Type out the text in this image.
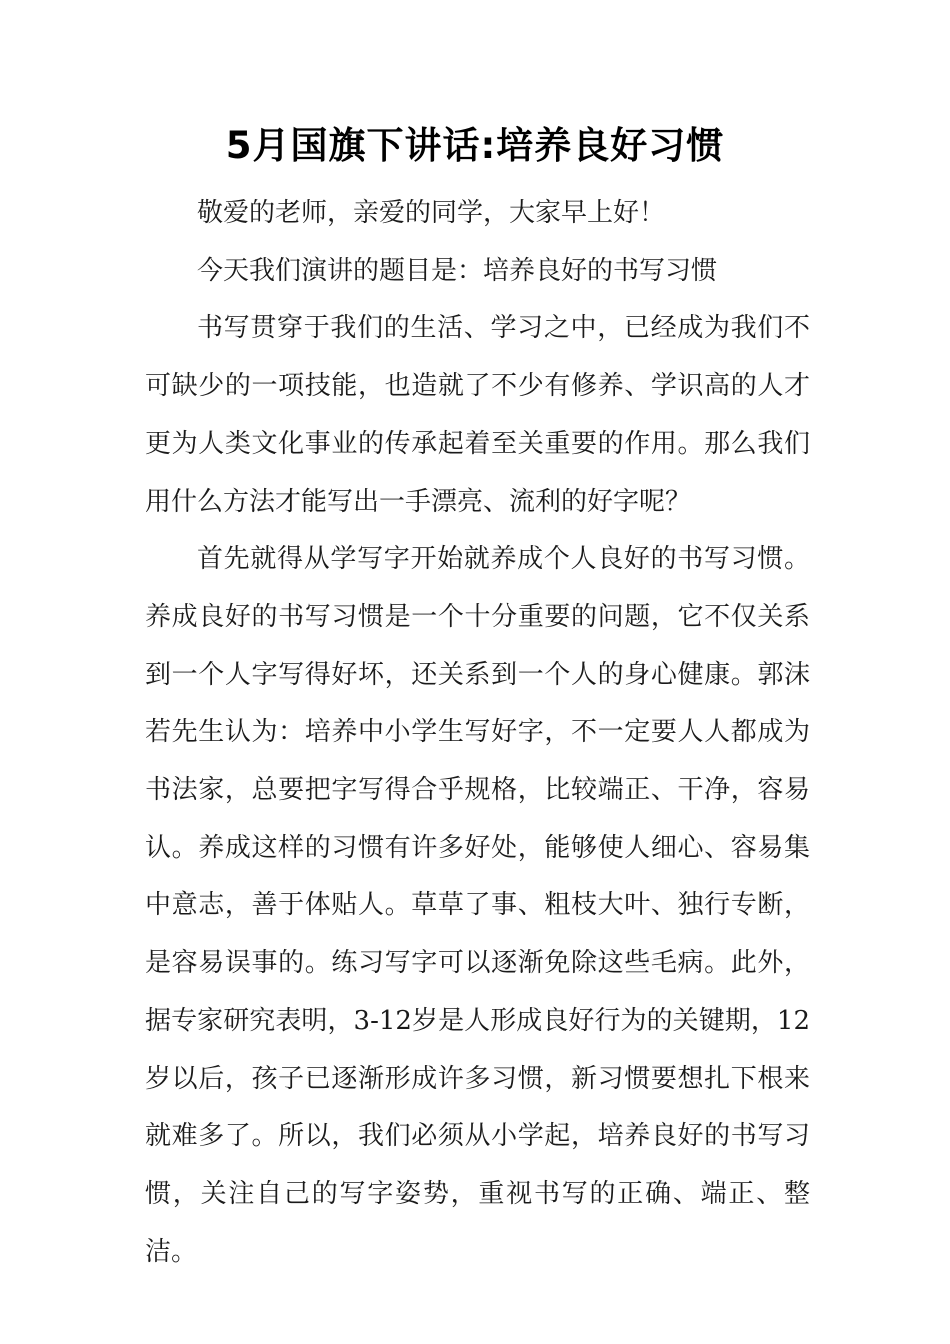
5月国旗下讲话:培养良好习惯

敬爱的老师，亲爱的同学，大家早上好！

今天我们演讲的题目是：培养良好的书写习惯

书写贯穿于我们的生活、学习之中，已经成为我们不可缺少的一项技能，也造就了不少有修养、学识高的人才更为人类文化事业的传承起着至关重要的作用。那么我们用什么方法才能写出一手漂亮、流利的好字呢？

首先就得从学写字开始就养成个人良好的书写习惯。养成良好的书写习惯是一个十分重要的问题，它不仅关系到一个人字写得好坏，还关系到一个人的身心健康。郭沫若先生认为：培养中小学生写好字，不一定要人人都成为书法家，总要把字写得合乎规格，比较端正、干净，容易认。养成这样的习惯有许多好处，能够使人细心、容易集中意志，善于体贴人。草草了事、粗枝大叶、独行专断，是容易误事的。练习写字可以逐渐免除这些毛病。此外，据专家研究表明，3-12岁是人形成良好行为的关键期，12岁以后，孩子已逐渐形成许多习惯，新习惯要想扎下根来就难多了。所以，我们必须从小学起，培养良好的书写习惯，关注自己的写字姿势，重视书写的正确、端正、整洁。
